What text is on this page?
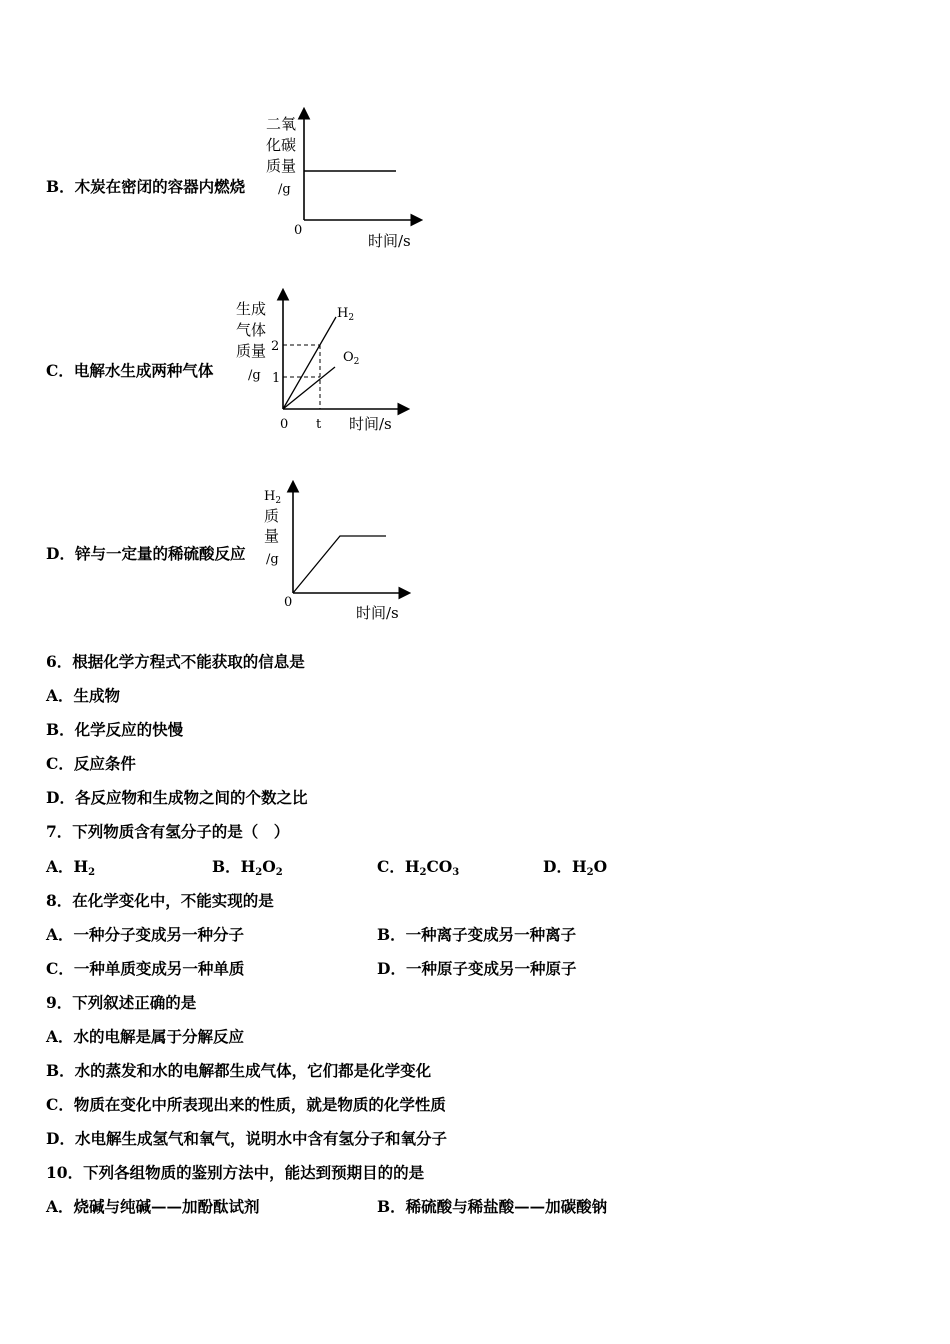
B．木炭在密闭的容器内燃烧
二氧
化碳
质量
/g
0
时间/s
C．电解水生成两种气体
生成
气体
质量
/g
2
1
0 t 时间/s
$H_2$
$O_2$
D．锌与一定量的稀硫酸反应
$H_2$
质
量
/g
0
时间/s
6．根据化学方程式不能获取的信息是
A．生成物
B．化学反应的快慢
C．反应条件
D．各反应物和生成物之间的个数之比
7．下列物质含有氢分子的是（　）
A．$H_2$	B．$H_2O_2$	C．$H_2CO_3$	D．$H_2O$
8．在化学变化中，不能实现的是
A．一种分子变成另一种分子	B．一种离子变成另一种离子
C．一种单质变成另一种单质	D．一种原子变成另一种原子
9．下列叙述正确的是
A．水的电解是属于分解反应
B．水的蒸发和水的电解都生成气体，它们都是化学变化
C．物质在变化中所表现出来的性质，就是物质的化学性质
D．水电解生成氢气和氧气，说明水中含有氢分子和氧分子
10．下列各组物质的鉴别方法中，能达到预期目的的是
A．烧碱与纯碱——加酚酞试剂	B．稀硫酸与稀盐酸——加碳酸钠
